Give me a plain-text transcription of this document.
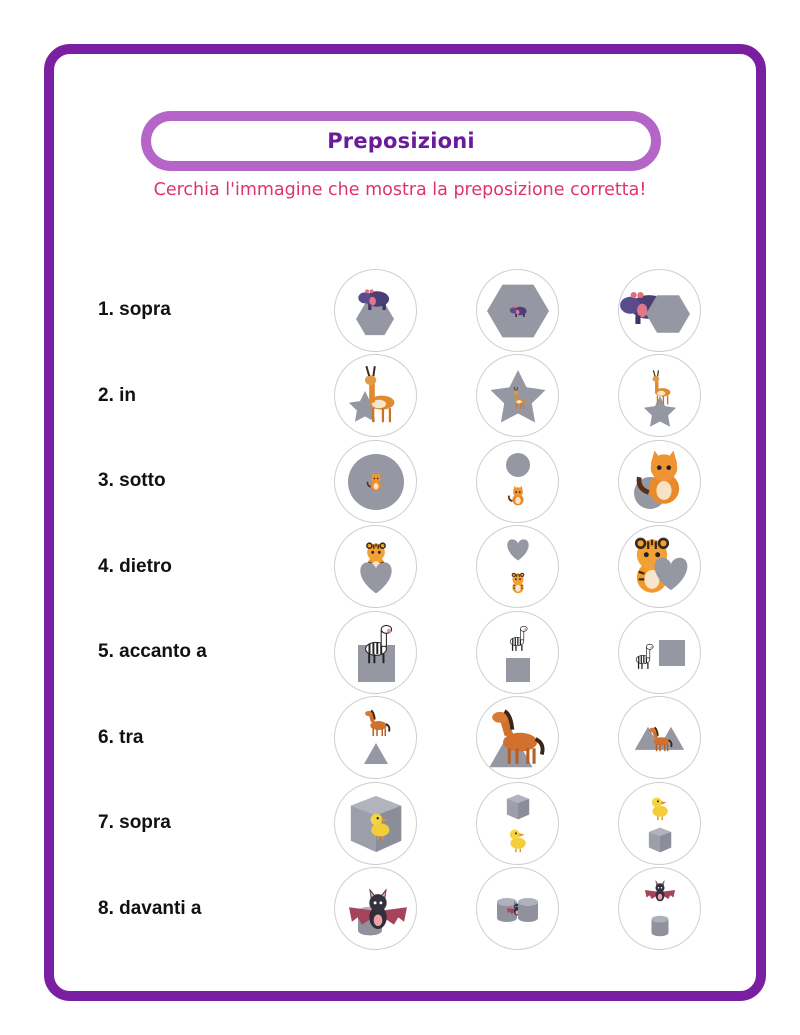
Preposizioni
Cerchia l'immagine che mostra la preposizione corretta!
1. sopra
2. in
3. sotto
4. dietro
5. accanto a
6. tra
7. sopra
8. davanti a
